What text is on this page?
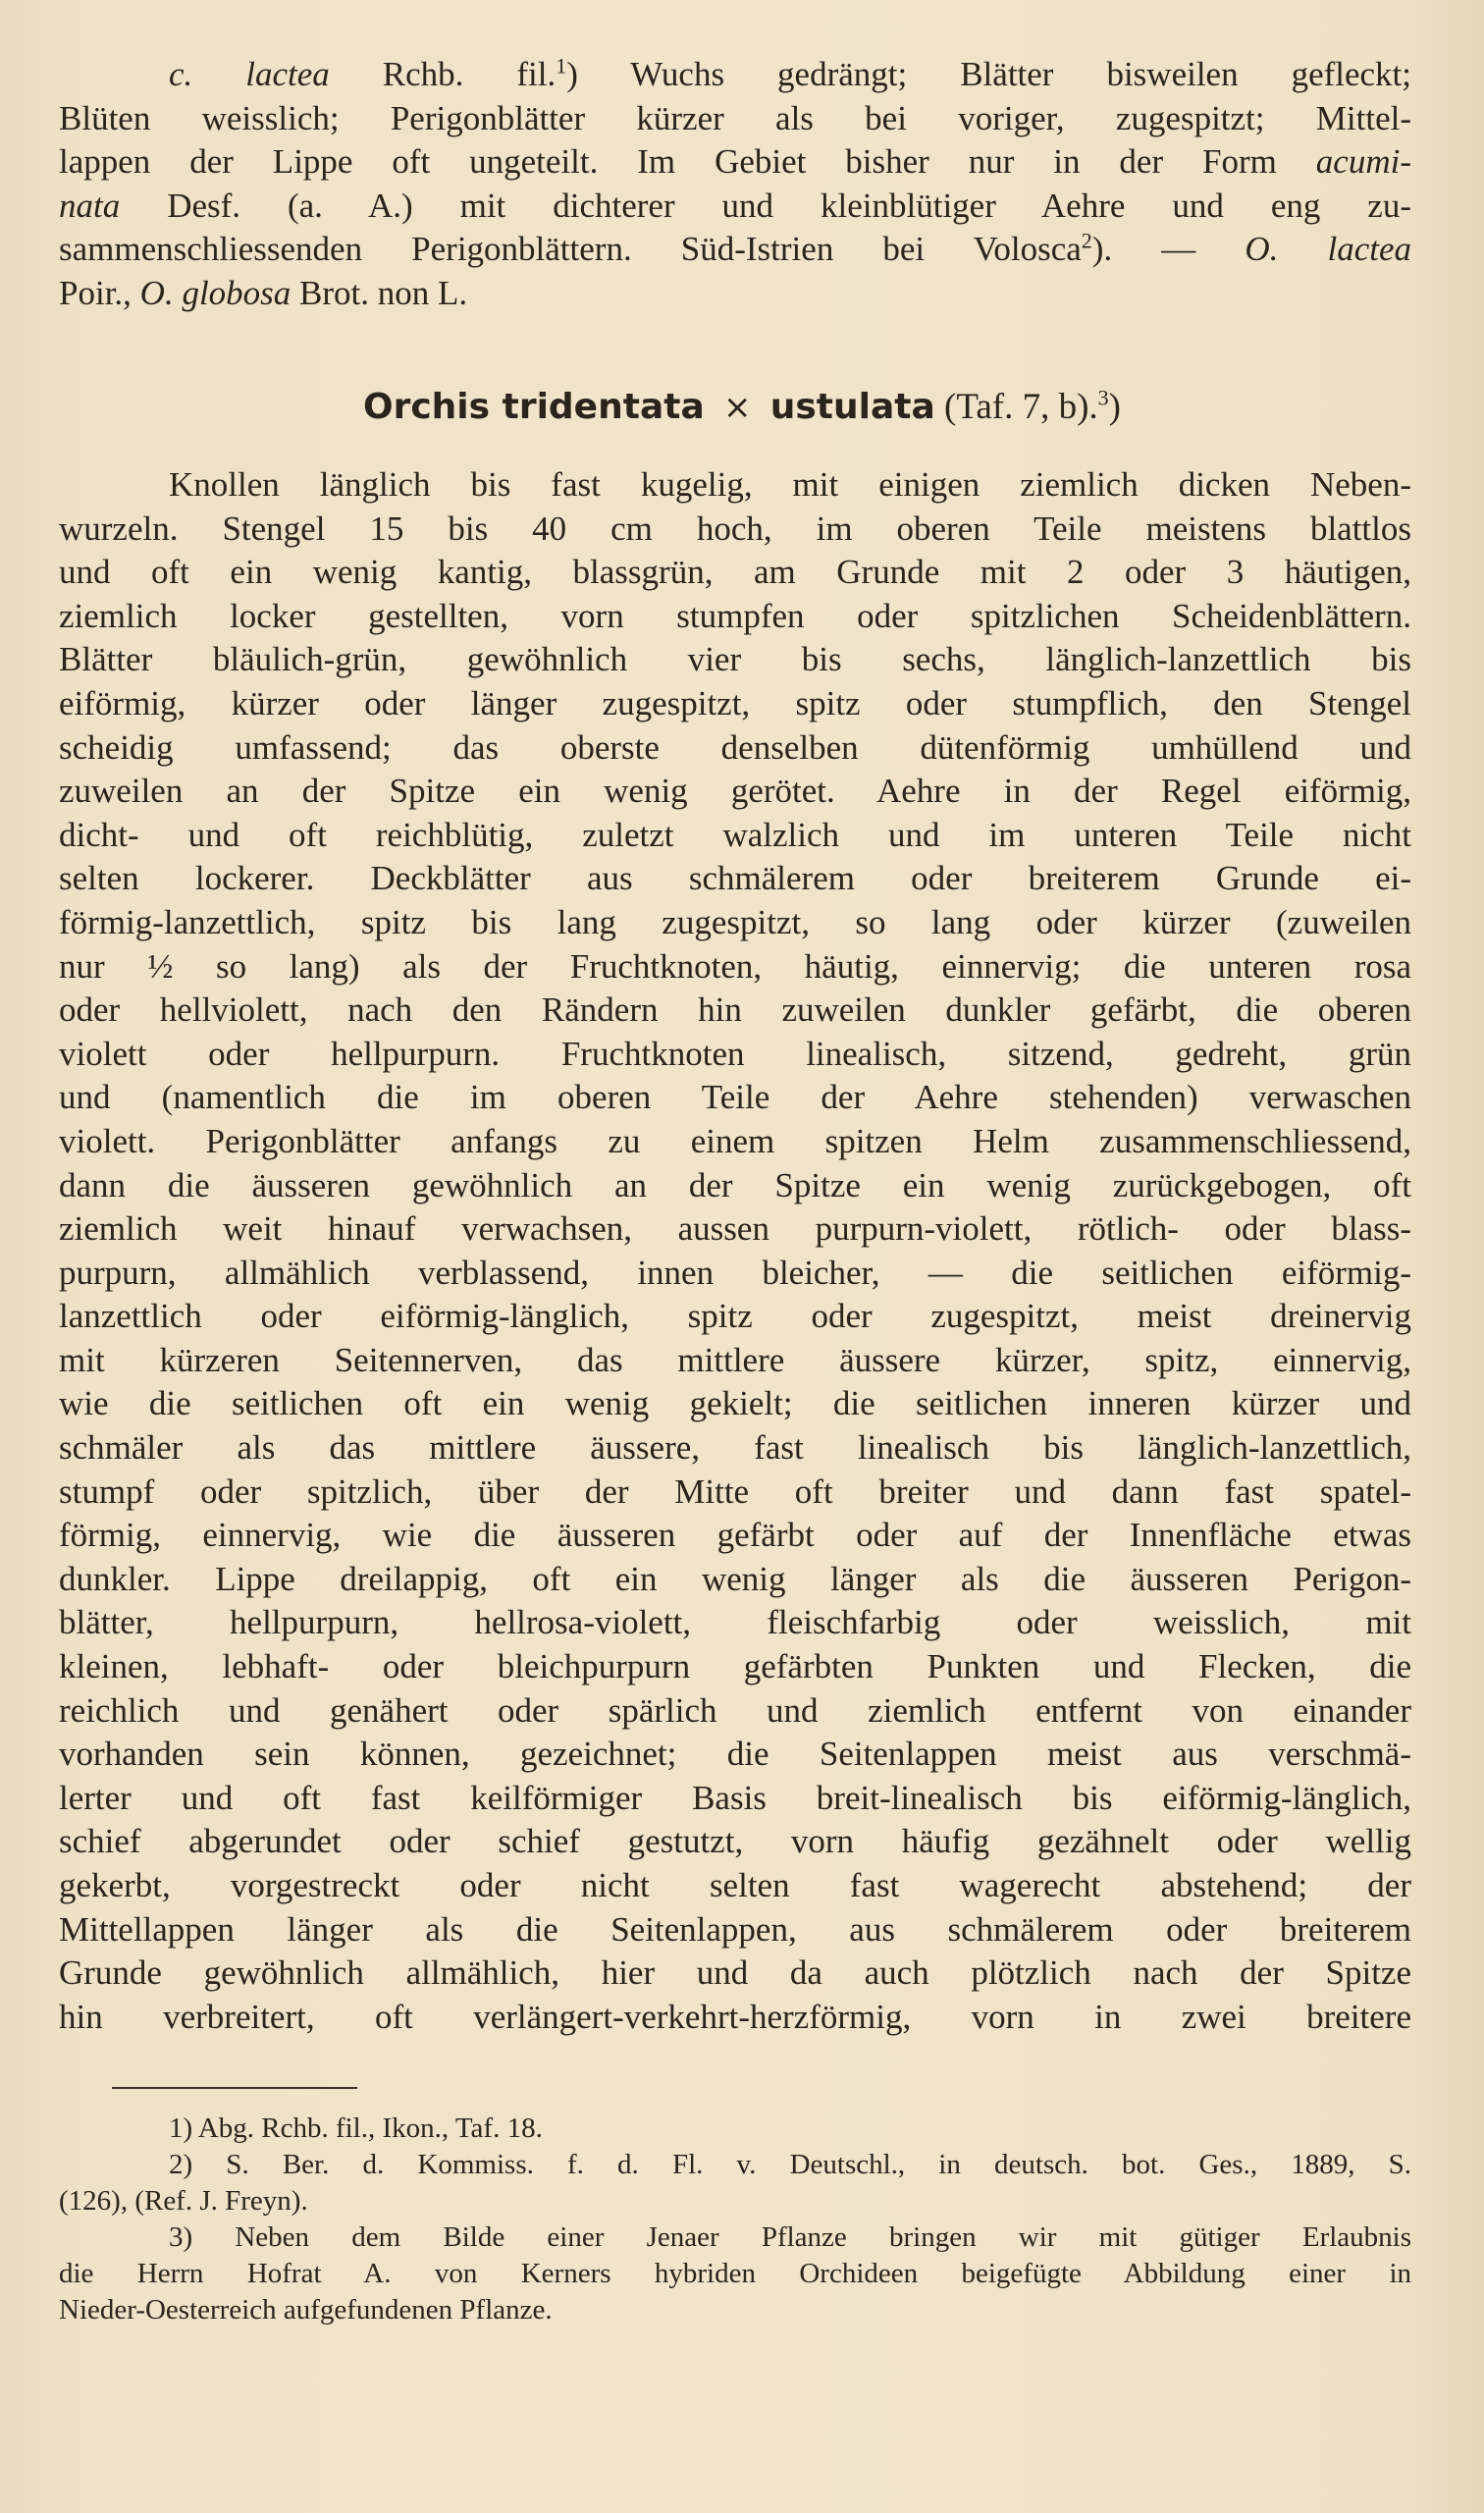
c. lactea Rchb. fil.$^1$) Wuchs gedrängt; Blätter bisweilen gefleckt;
Blüten weisslich; Perigonblätter kürzer als bei voriger, zugespitzt; Mittel-
lappen der Lippe oft ungeteilt. Im Gebiet bisher nur in der Form acumi-
nata Desf. (a. A.) mit dichterer und kleinblütiger Aehre und eng zu-
sammenschliessenden Perigonblättern. Süd-Istrien bei Volosca$^2$). — O. lactea
Poir., O. globosa Brot. non L.
Orchis tridentata × ustulata (Taf. 7, b).$^3$)
Knollen länglich bis fast kugelig, mit einigen ziemlich dicken Neben-
wurzeln. Stengel 15 bis 40 cm hoch, im oberen Teile meistens blattlos
und oft ein wenig kantig, blassgrün, am Grunde mit 2 oder 3 häutigen,
ziemlich locker gestellten, vorn stumpfen oder spitzlichen Scheidenblättern.
Blätter bläulich-grün, gewöhnlich vier bis sechs, länglich-lanzettlich bis
eiförmig, kürzer oder länger zugespitzt, spitz oder stumpflich, den Stengel
scheidig umfassend; das oberste denselben dütenförmig umhüllend und
zuweilen an der Spitze ein wenig gerötet. Aehre in der Regel eiförmig,
dicht- und oft reichblütig, zuletzt walzlich und im unteren Teile nicht
selten lockerer. Deckblätter aus schmälerem oder breiterem Grunde ei-
förmig-lanzettlich, spitz bis lang zugespitzt, so lang oder kürzer (zuweilen
nur ½ so lang) als der Fruchtknoten, häutig, einnervig; die unteren rosa
oder hellviolett, nach den Rändern hin zuweilen dunkler gefärbt, die oberen
violett oder hellpurpurn. Fruchtknoten linealisch, sitzend, gedreht, grün
und (namentlich die im oberen Teile der Aehre stehenden) verwaschen
violett. Perigonblätter anfangs zu einem spitzen Helm zusammenschliessend,
dann die äusseren gewöhnlich an der Spitze ein wenig zurückgebogen, oft
ziemlich weit hinauf verwachsen, aussen purpurn-violett, rötlich- oder blass-
purpurn, allmählich verblassend, innen bleicher, — die seitlichen eiförmig-
lanzettlich oder eiförmig-länglich, spitz oder zugespitzt, meist dreinervig
mit kürzeren Seitennerven, das mittlere äussere kürzer, spitz, einnervig,
wie die seitlichen oft ein wenig gekielt; die seitlichen inneren kürzer und
schmäler als das mittlere äussere, fast linealisch bis länglich-lanzettlich,
stumpf oder spitzlich, über der Mitte oft breiter und dann fast spatel-
förmig, einnervig, wie die äusseren gefärbt oder auf der Innenfläche etwas
dunkler. Lippe dreilappig, oft ein wenig länger als die äusseren Perigon-
blätter, hellpurpurn, hellrosa-violett, fleischfarbig oder weisslich, mit
kleinen, lebhaft- oder bleichpurpurn gefärbten Punkten und Flecken, die
reichlich und genähert oder spärlich und ziemlich entfernt von einander
vorhanden sein können, gezeichnet; die Seitenlappen meist aus verschmä-
lerter und oft fast keilförmiger Basis breit-linealisch bis eiförmig-länglich,
schief abgerundet oder schief gestutzt, vorn häufig gezähnelt oder wellig
gekerbt, vorgestreckt oder nicht selten fast wagerecht abstehend; der
Mittellappen länger als die Seitenlappen, aus schmälerem oder breiterem
Grunde gewöhnlich allmählich, hier und da auch plötzlich nach der Spitze
hin verbreitert, oft verlängert-verkehrt-herzförmig, vorn in zwei breitere
1) Abg. Rchb. fil., Ikon., Taf. 18.
2) S. Ber. d. Kommiss. f. d. Fl. v. Deutschl., in deutsch. bot. Ges., 1889, S.
(126), (Ref. J. Freyn).
3) Neben dem Bilde einer Jenaer Pflanze bringen wir mit gütiger Erlaubnis
die Herrn Hofrat A. von Kerners hybriden Orchideen beigefügte Abbildung einer in
Nieder-Oesterreich aufgefundenen Pflanze.
